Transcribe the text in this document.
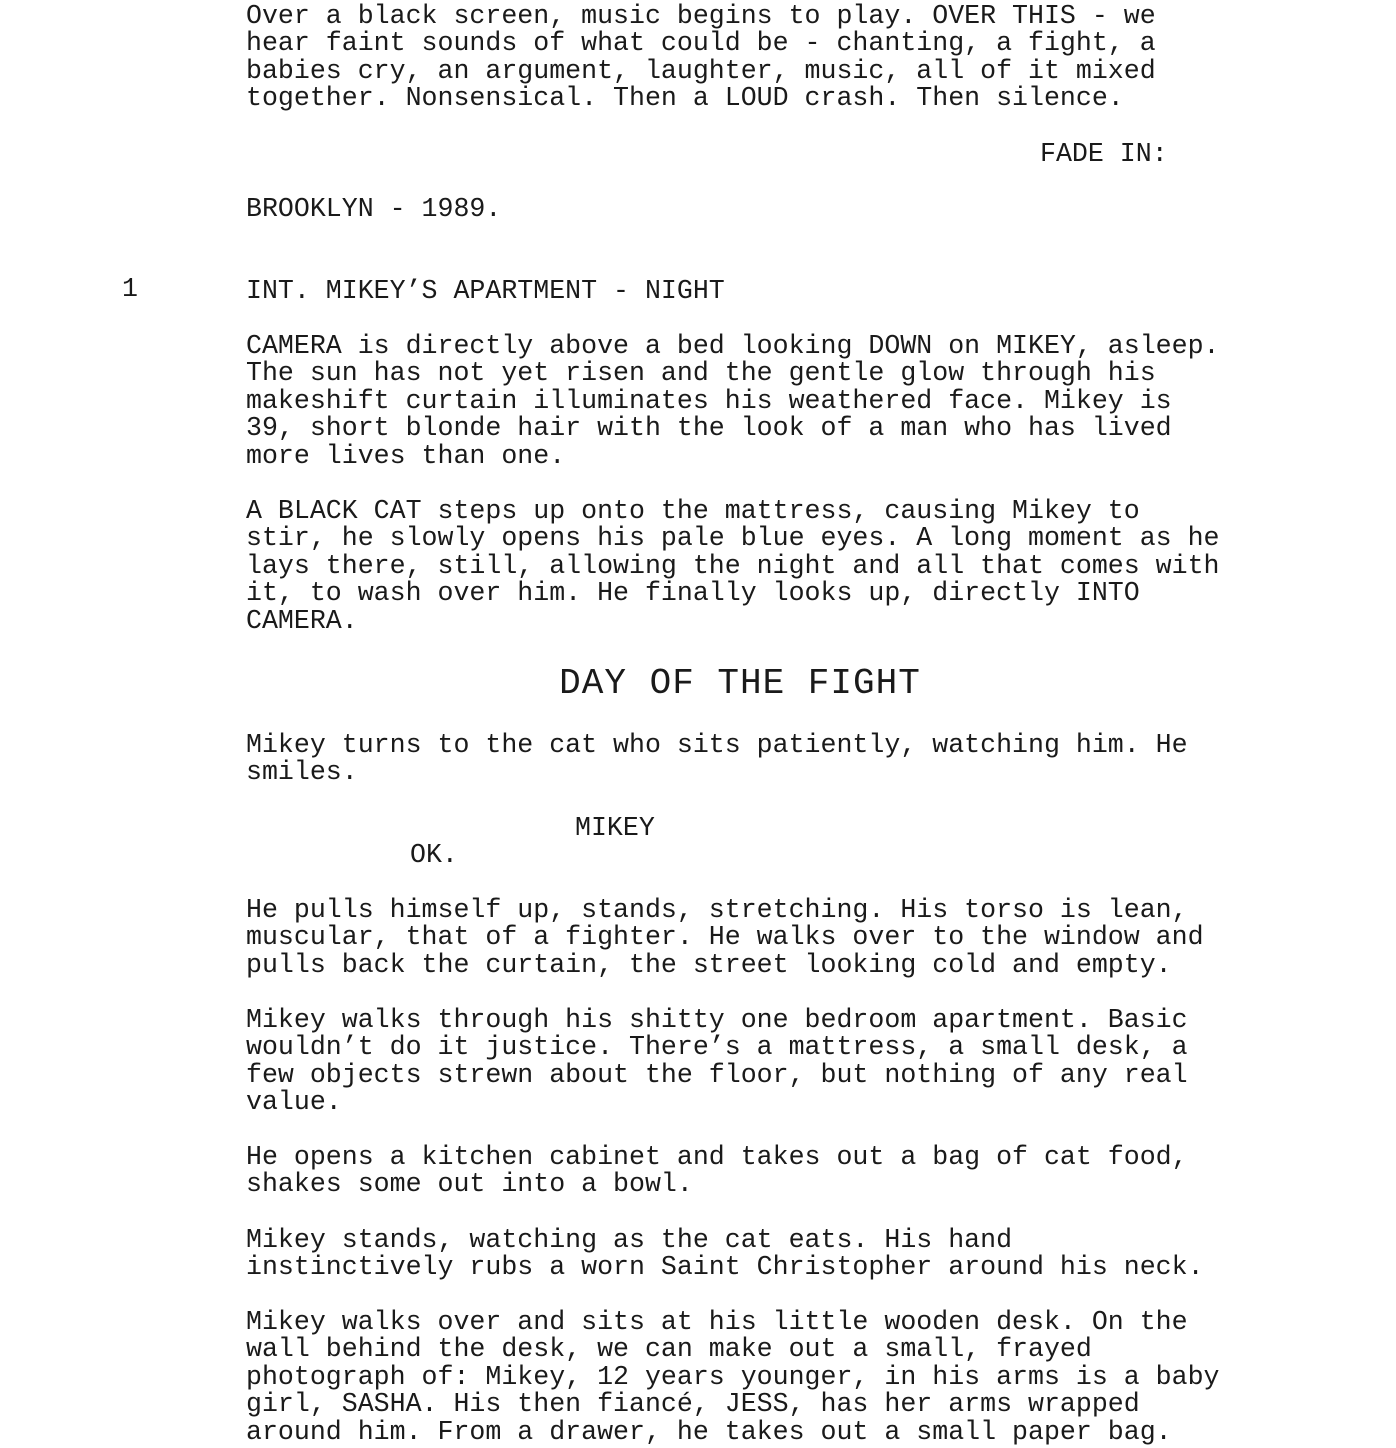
Over a black screen, music begins to play. OVER THIS - we
hear faint sounds of what could be - chanting, a fight, a
babies cry, an argument, laughter, music, all of it mixed
together. Nonsensical. Then a LOUD crash. Then silence.

FADE IN:

BROOKLYN - 1989.

1	INT. MIKEY’S APARTMENT - NIGHT

CAMERA is directly above a bed looking DOWN on MIKEY, asleep.
The sun has not yet risen and the gentle glow through his
makeshift curtain illuminates his weathered face. Mikey is
39, short blonde hair with the look of a man who has lived
more lives than one.

A BLACK CAT steps up onto the mattress, causing Mikey to
stir, he slowly opens his pale blue eyes. A long moment as he
lays there, still, allowing the night and all that comes with
it, to wash over him. He finally looks up, directly INTO
CAMERA.

DAY OF THE FIGHT

Mikey turns to the cat who sits patiently, watching him. He
smiles.

MIKEY

OK.

He pulls himself up, stands, stretching. His torso is lean,
muscular, that of a fighter. He walks over to the window and
pulls back the curtain, the street looking cold and empty.

Mikey walks through his shitty one bedroom apartment. Basic
wouldn’t do it justice. There’s a mattress, a small desk, a
few objects strewn about the floor, but nothing of any real
value.

He opens a kitchen cabinet and takes out a bag of cat food,
shakes some out into a bowl.

Mikey stands, watching as the cat eats. His hand
instinctively rubs a worn Saint Christopher around his neck.

Mikey walks over and sits at his little wooden desk. On the
wall behind the desk, we can make out a small, frayed
photograph of: Mikey, 12 years younger, in his arms is a baby
girl, SASHA. His then fiancé, JESS, has her arms wrapped
around him. From a drawer, he takes out a small paper bag.
